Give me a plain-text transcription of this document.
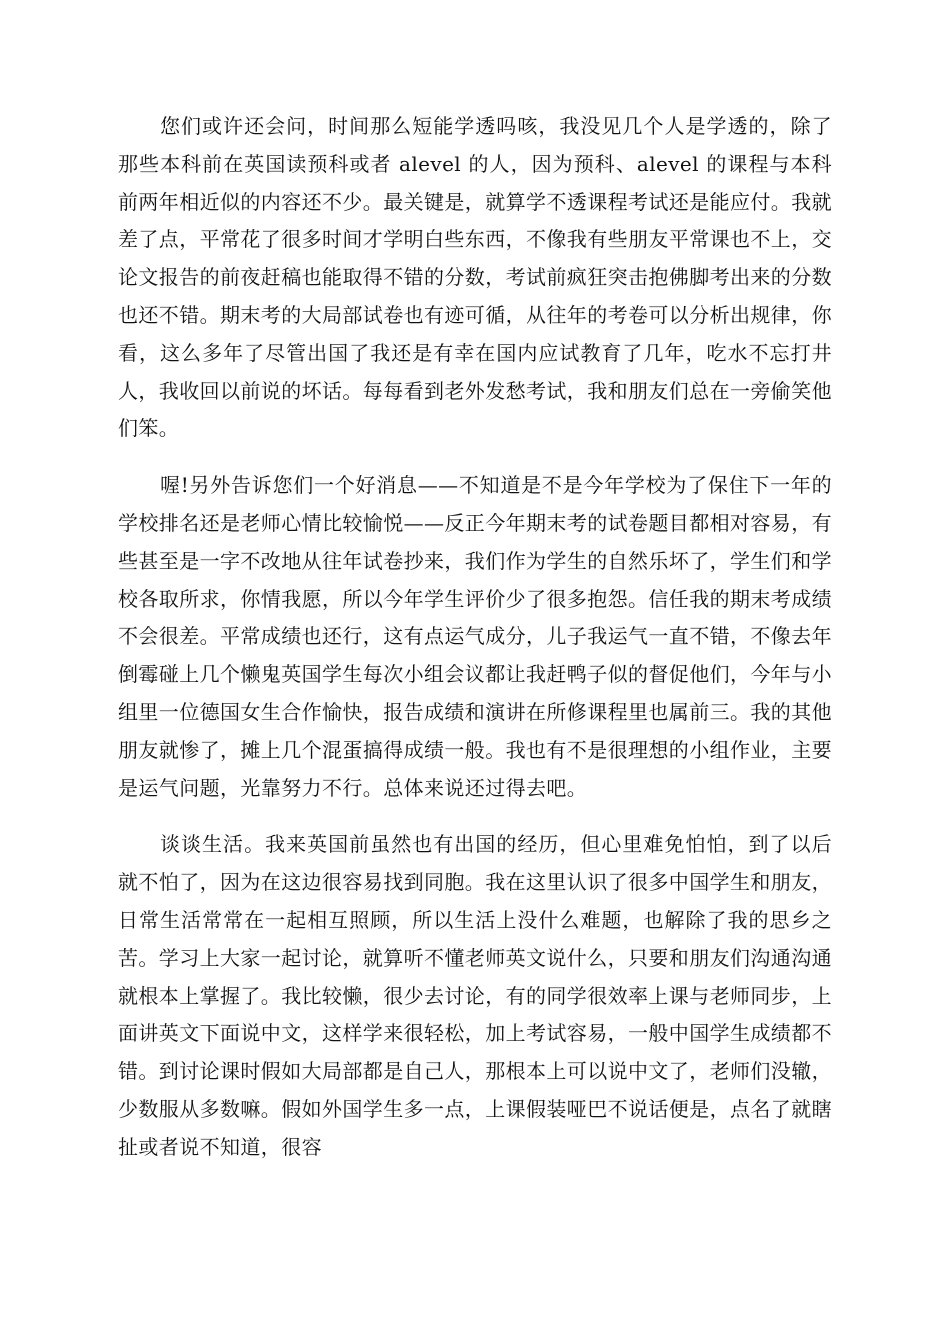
您们或许还会问，时间那么短能学透吗咳，我没见几个人是学透的，除了那些本科前在英国读预科或者 alevel 的人，因为预科、alevel 的课程与本科前两年相近似的内容还不少。最关键是，就算学不透课程考试还是能应付。我就差了点，平常花了很多时间才学明白些东西，不像我有些朋友平常课也不上，交论文报告的前夜赶稿也能取得不错的分数，考试前疯狂突击抱佛脚考出来的分数也还不错。期末考的大局部试卷也有迹可循，从往年的考卷可以分析出规律，你看，这么多年了尽管出国了我还是有幸在国内应试教育了几年，吃水不忘打井人，我收回以前说的坏话。每每看到老外发愁考试，我和朋友们总在一旁偷笑他们笨。

喔!另外告诉您们一个好消息——不知道是不是今年学校为了保住下一年的学校排名还是老师心情比较愉悦——反正今年期末考的试卷题目都相对容易，有些甚至是一字不改地从往年试卷抄来，我们作为学生的自然乐坏了，学生们和学校各取所求，你情我愿，所以今年学生评价少了很多抱怨。信任我的期末考成绩不会很差。平常成绩也还行，这有点运气成分，儿子我运气一直不错，不像去年倒霉碰上几个懒鬼英国学生每次小组会议都让我赶鸭子似的督促他们，今年与小组里一位德国女生合作愉快，报告成绩和演讲在所修课程里也属前三。我的其他朋友就惨了，摊上几个混蛋搞得成绩一般。我也有不是很理想的小组作业，主要是运气问题，光靠努力不行。总体来说还过得去吧。

谈谈生活。我来英国前虽然也有出国的经历，但心里难免怕怕，到了以后就不怕了，因为在这边很容易找到同胞。我在这里认识了很多中国学生和朋友，日常生活常常在一起相互照顾，所以生活上没什么难题，也解除了我的思乡之苦。学习上大家一起讨论，就算听不懂老师英文说什么，只要和朋友们沟通沟通就根本上掌握了。我比较懒，很少去讨论，有的同学很效率上课与老师同步，上面讲英文下面说中文，这样学来很轻松，加上考试容易，一般中国学生成绩都不错。到讨论课时假如大局部都是自己人，那根本上可以说中文了，老师们没辙，少数服从多数嘛。假如外国学生多一点，上课假装哑巴不说话便是，点名了就瞎扯或者说不知道，很容
